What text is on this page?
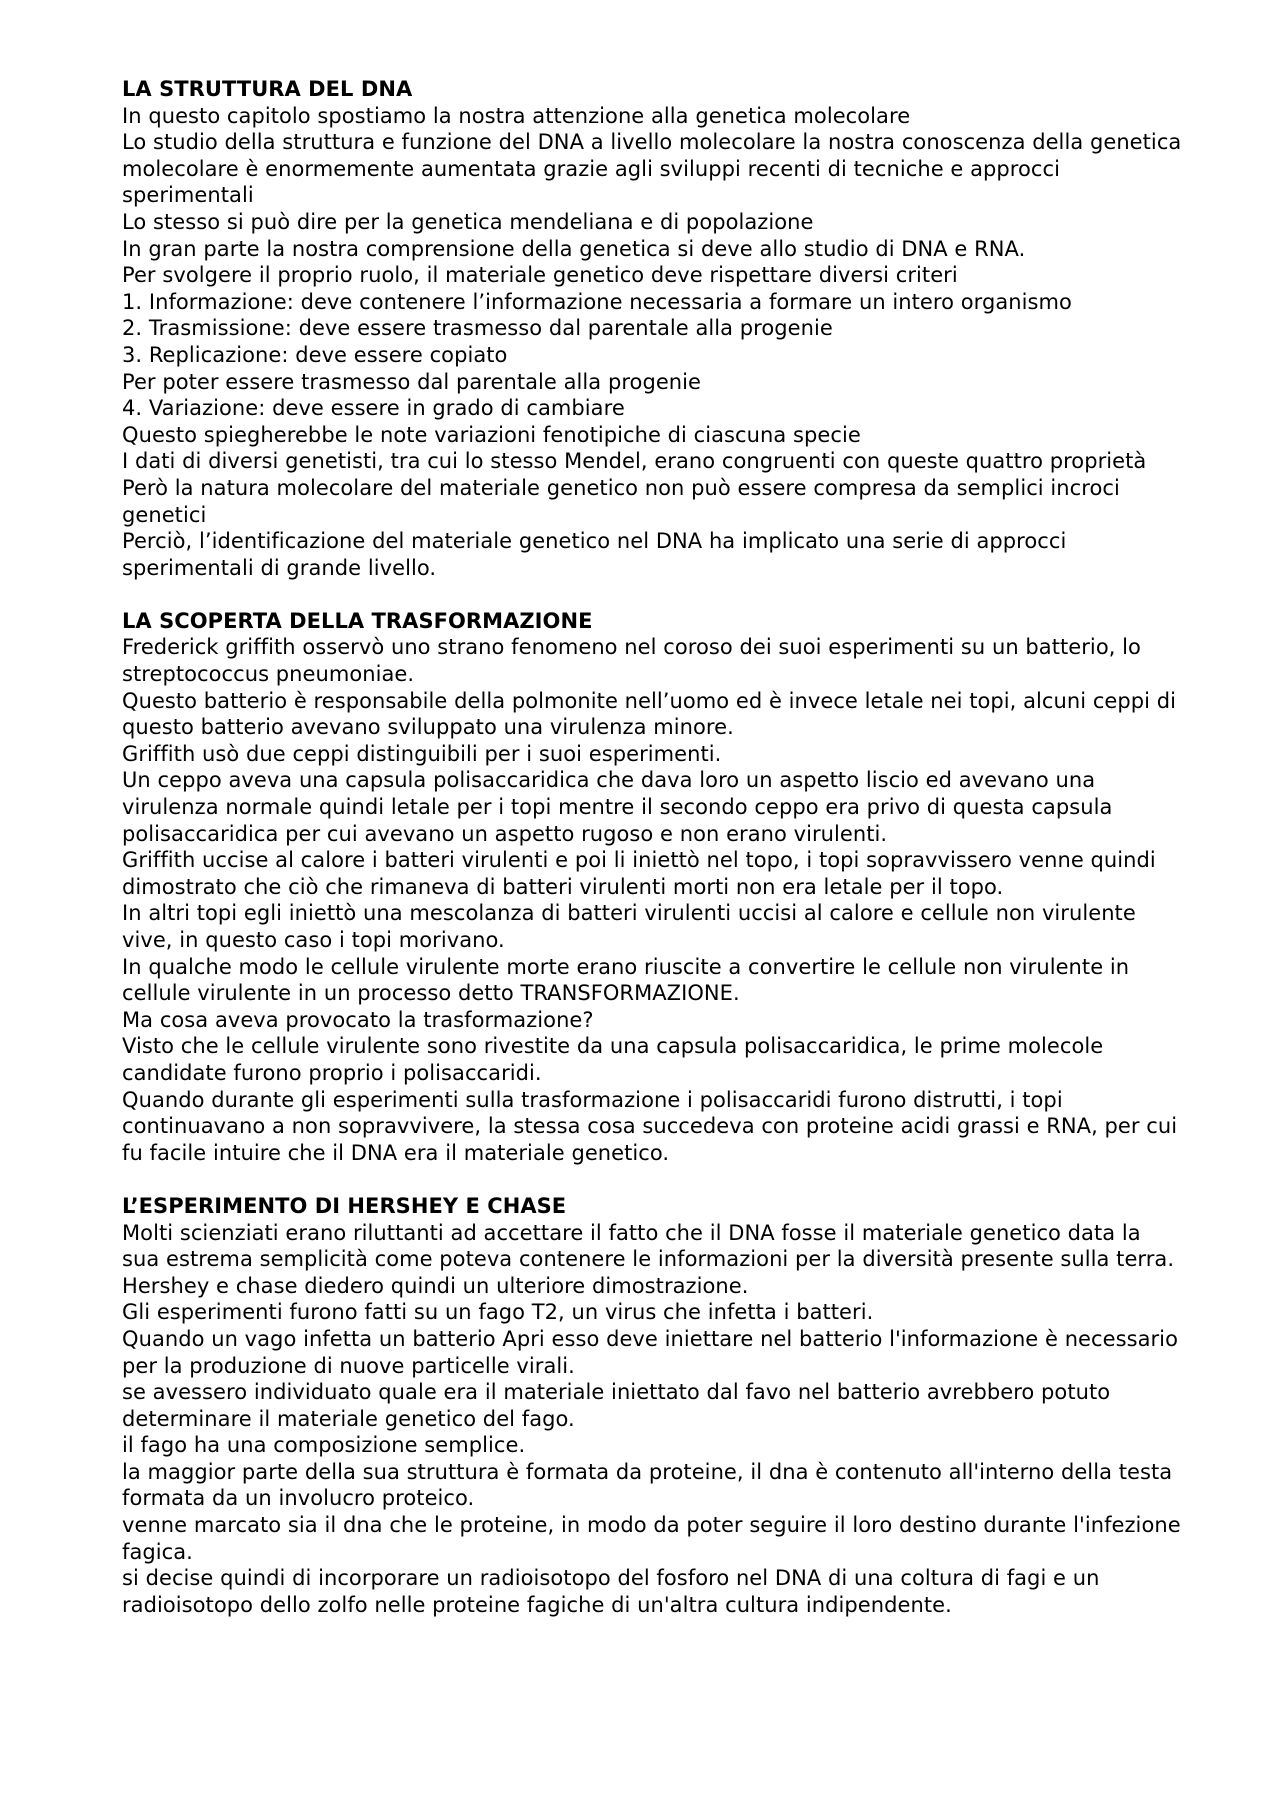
LA STRUTTURA DEL DNA

In questo capitolo spostiamo la nostra attenzione alla genetica molecolare

Lo studio della struttura e funzione del DNA a livello molecolare la nostra conoscenza della genetica molecolare è enormemente aumentata grazie agli sviluppi recenti di tecniche e approcci sperimentali

Lo stesso si può dire per la genetica mendeliana e di popolazione

In gran parte la nostra comprensione della genetica si deve allo studio di DNA e RNA.

Per svolgere il proprio ruolo, il materiale genetico deve rispettare diversi criteri

1. Informazione: deve contenere l’informazione necessaria a formare un intero organismo

2. Trasmissione: deve essere trasmesso dal parentale alla progenie

3. Replicazione: deve essere copiato

Per poter essere trasmesso dal parentale alla progenie

4. Variazione: deve essere in grado di cambiare

Questo spiegherebbe le note variazioni fenotipiche di ciascuna specie

I dati di diversi genetisti, tra cui lo stesso Mendel, erano congruenti con queste quattro proprietà

Però la natura molecolare del materiale genetico non può essere compresa da semplici incroci genetici

Perciò, l’identificazione del materiale genetico nel DNA ha implicato una serie di approcci sperimentali di grande livello.

LA SCOPERTA DELLA TRASFORMAZIONE

Frederick griffith osservò uno strano fenomeno nel coroso dei suoi esperimenti su un batterio, lo streptococcus pneumoniae.

Questo batterio è responsabile della polmonite nell’uomo ed è invece letale nei topi, alcuni ceppi di questo batterio avevano sviluppato una virulenza minore.

Griffith usò due ceppi distinguibili per i suoi esperimenti.

Un ceppo aveva una capsula polisaccaridica che dava loro un aspetto liscio ed avevano una virulenza normale quindi letale per i topi mentre il secondo ceppo era privo di questa capsula polisaccaridica per cui avevano un aspetto rugoso e non erano virulenti.

Griffith uccise al calore i batteri virulenti e poi li iniettò nel topo, i topi sopravvissero venne quindi dimostrato che ciò che rimaneva di batteri virulenti morti non era letale per il topo.

In altri topi egli iniettò una mescolanza di batteri virulenti uccisi al calore e cellule non virulente vive, in questo caso i topi morivano.

In qualche modo le cellule virulente morte erano riuscite a convertire le cellule non virulente in cellule virulente in un processo detto TRANSFORMAZIONE.

Ma cosa aveva provocato la trasformazione?

Visto che le cellule virulente sono rivestite da una capsula polisaccaridica, le prime molecole candidate furono proprio i polisaccaridi.

Quando durante gli esperimenti sulla trasformazione i polisaccaridi furono distrutti, i topi continuavano a non sopravvivere, la stessa cosa succedeva con proteine acidi grassi e RNA, per cui fu facile intuire che il DNA era il materiale genetico.

L’ESPERIMENTO DI HERSHEY E CHASE

Molti scienziati erano riluttanti ad accettare il fatto che il DNA fosse il materiale genetico data la sua estrema semplicità come poteva contenere le informazioni per la diversità presente sulla terra.

Hershey e chase diedero quindi un ulteriore dimostrazione.

Gli esperimenti furono fatti su un fago T2, un virus che infetta i batteri.

Quando un vago infetta un batterio Apri esso deve iniettare nel batterio l'informazione è necessario per la produzione di nuove particelle virali.

se avessero individuato quale era il materiale iniettato dal favo nel batterio avrebbero potuto determinare il materiale genetico del fago.

il fago ha una composizione semplice.

la maggior parte della sua struttura è formata da proteine, il dna è contenuto all'interno della testa formata da un involucro proteico.

venne marcato sia il dna che le proteine, in modo da poter seguire il loro destino durante l'infezione fagica.

si decise quindi di incorporare un radioisotopo del fosforo nel DNA di una coltura di fagi e un radioisotopo dello zolfo nelle proteine fagiche di un'altra cultura indipendente.
